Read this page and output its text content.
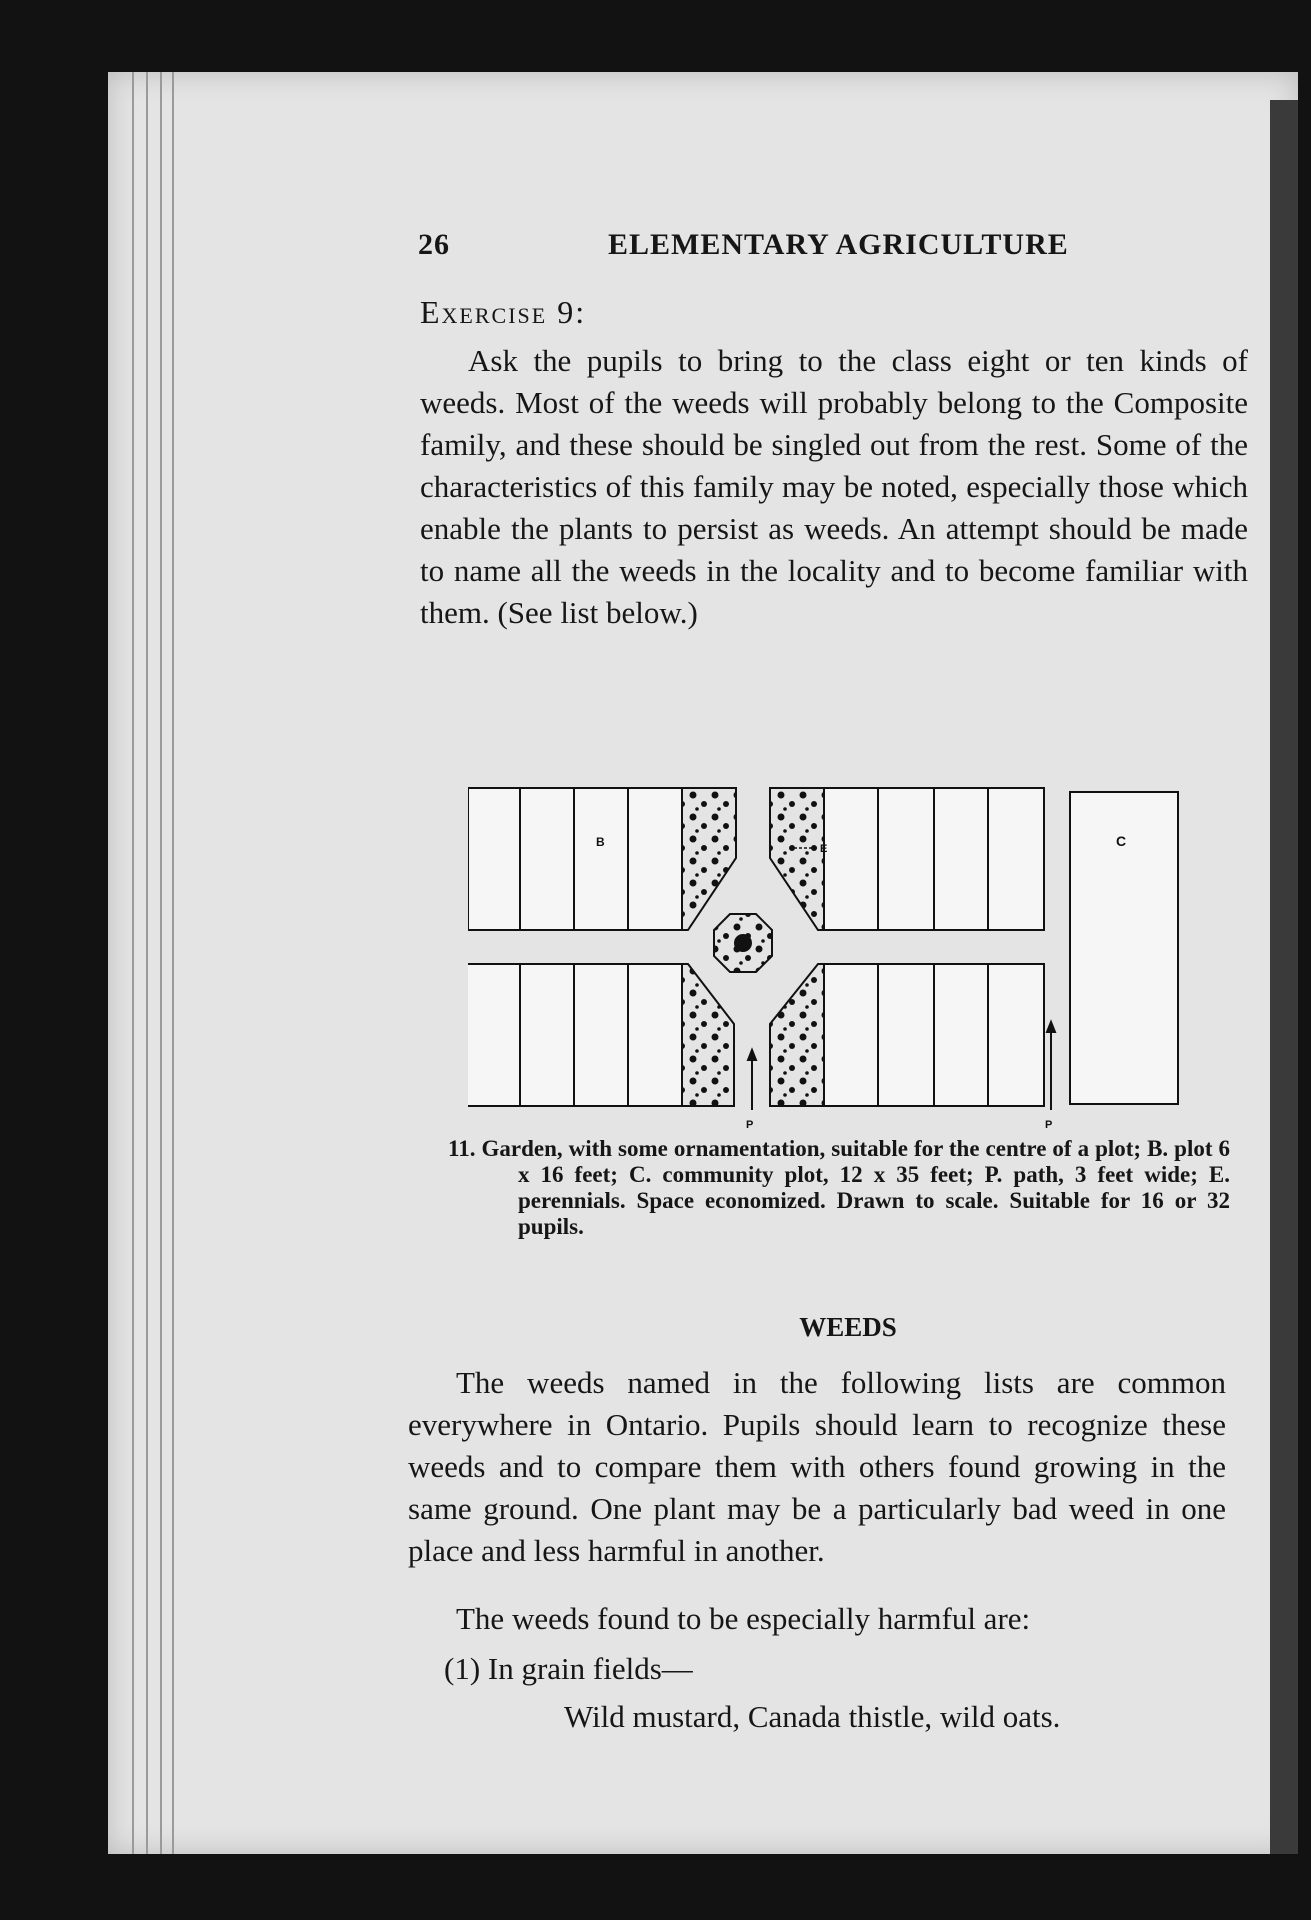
26	ELEMENTARY AGRICULTURE
Exercise 9:
Ask the pupils to bring to the class eight or ten kinds of weeds. Most of the weeds will probably belong to the Composite family, and these should be singled out from the rest. Some of the characteristics of this family may be noted, especially those which enable the plants to persist as weeds. An attempt should be made to name all the weeds in the locality and to become familiar with them. (See list below.)
B	E	C
P	P
11. Garden, with some ornamentation, suitable for the centre of a plot; B. plot 6 x 16 feet; C. community plot, 12 x 35 feet; P. path, 3 feet wide; E. perennials. Space economized. Drawn to scale. Suitable for 16 or 32 pupils.
WEEDS
The weeds named in the following lists are common everywhere in Ontario. Pupils should learn to recognize these weeds and to compare them with others found growing in the same ground. One plant may be a particularly bad weed in one place and less harmful in another.
The weeds found to be especially harmful are:
(1) In grain fields—
Wild mustard, Canada thistle, wild oats.
